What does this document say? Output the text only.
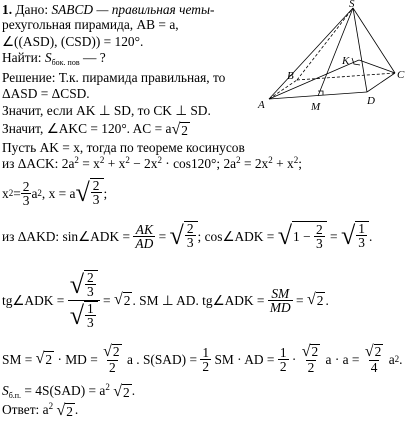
1. Дано: SABCD — правильная четы-
рехугольная пирамида, AB = a,
∠((ASD), (CSD)) = 120°.
Найти: $S_{бок. пов}$ — ?
S
A
B	C
D
K
M
Решение: Т.к. пирамида правильная, то
ΔASD = ΔCSD.
Значит, если AK ⊥ SD, то CK ⊥ SD.
Значит, ∠AKC = 120°. AC = a √ 2
Пусть AK = x, тогда по теореме косинусов
из ΔACK: $2a^2 = x^2 + x^2 - 2x^2 \cdot \cos 120^\circ$; $2a^2 = 2x^2 + x^2$;
x $2 = \frac{2}{3}$ a 2 , x = a √ $\frac{2}{3}$ ;
из ΔAKD: sin∠ADK =
$\frac{AK}{AD}$
=
√ $\frac{2}{3}$ ; cos∠ADK =
√ 1 −
$\frac{2}{3}$
=
√ $\frac{1}{3}$ .
tg∠ADK =
$\frac{√ \frac{2}{3}}{√ \frac{1}{3}}$
=
√ 2 . SM ⊥ AD. tg∠ADK =
$\frac{SM}{MD}$
=
√ 2 .
SM =
√ 2
· MD =
$\frac{√ 2}{2}$
a . S(SAD) =
$\frac{1}{2}$
SM · AD =
$\frac{1}{2}$
·
√ 2
2

a · a =
$\frac{√ 2}{4}$
a 2 .
$S_{б.п.} = 4S(SAD) = a^2$ √ 2 .
Ответ: $a^2$ √ 2 .
